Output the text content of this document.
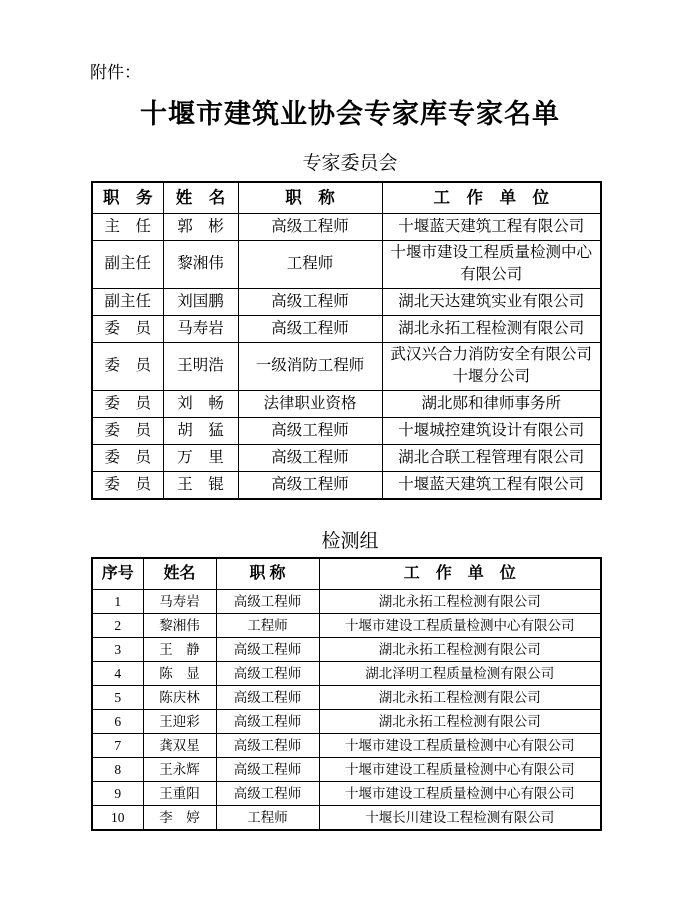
附件：
十堰市建筑业协会专家库专家名单
专家委员会
职　务	姓　名	职　称	工　作　单　位
主　任	郭　彬	高级工程师	十堰蓝天建筑工程有限公司
副主任	黎湘伟	工程师	十堰市建设工程质量检测中心有限公司
副主任	刘国鹏	高级工程师	湖北天达建筑实业有限公司
委　员	马寿岩	高级工程师	湖北永拓工程检测有限公司
委　员	王明浩	一级消防工程师	武汉兴合力消防安全有限公司十堰分公司
委　员	刘　畅	法律职业资格	湖北郧和律师事务所
委　员	胡　猛	高级工程师	十堰城控建筑设计有限公司
委　员	万　里	高级工程师	湖北合联工程管理有限公司
委　员	王　锟	高级工程师	十堰蓝天建筑工程有限公司
检测组
序号	姓名	职 称	工　作　单　位
1	马寿岩	高级工程师	湖北永拓工程检测有限公司
2	黎湘伟	工程师	十堰市建设工程质量检测中心有限公司
3	王　静	高级工程师	湖北永拓工程检测有限公司
4	陈　显	高级工程师	湖北泽明工程质量检测有限公司
5	陈庆林	高级工程师	湖北永拓工程检测有限公司
6	王迎彩	高级工程师	湖北永拓工程检测有限公司
7	龚双星	高级工程师	十堰市建设工程质量检测中心有限公司
8	王永辉	高级工程师	十堰市建设工程质量检测中心有限公司
9	王重阳	高级工程师	十堰市建设工程质量检测中心有限公司
10	李　婷	工程师	十堰长川建设工程检测有限公司
